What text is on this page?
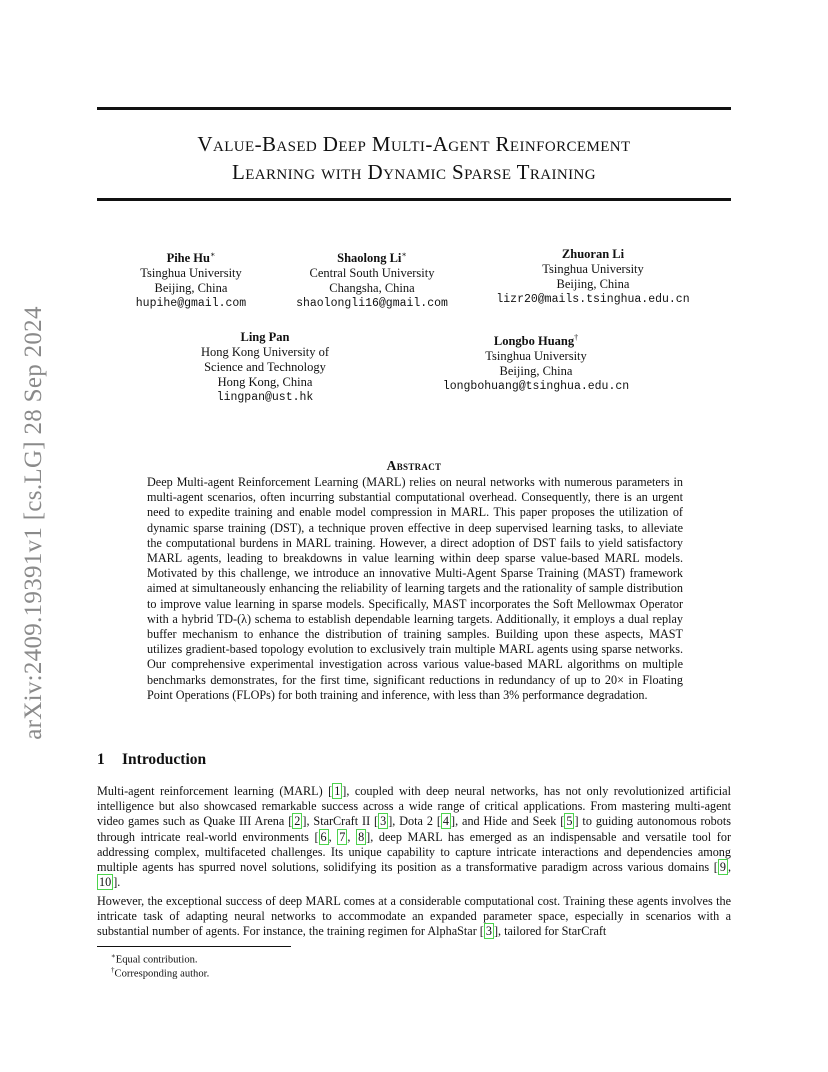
arXiv:2409.19391v1 [cs.LG] 28 Sep 2024
Value-Based Deep Multi-Agent Reinforcement
Learning with Dynamic Sparse Training
Pihe Hu∗
Tsinghua University
Beijing, China
hupihe@gmail.com
Shaolong Li∗
Central South University
Changsha, China
shaolongli16@gmail.com
Zhuoran Li
Tsinghua University
Beijing, China
lizr20@mails.tsinghua.edu.cn
Ling Pan
Hong Kong University of
Science and Technology
Hong Kong, China
lingpan@ust.hk
Longbo Huang†
Tsinghua University
Beijing, China
longbohuang@tsinghua.edu.cn
Abstract

Deep Multi-agent Reinforcement Learning (MARL) relies on neural networks with numerous parameters in multi-agent scenarios, often incurring substantial computational overhead. Consequently, there is an urgent need to expedite training and enable model compression in MARL. This paper proposes the utilization of dynamic sparse training (DST), a technique proven effective in deep supervised learning tasks, to alleviate the computational burdens in MARL training. However, a direct adoption of DST fails to yield satisfactory MARL agents, leading to breakdowns in value learning within deep sparse value-based MARL models. Motivated by this challenge, we introduce an innovative Multi-Agent Sparse Training (MAST) framework aimed at simultaneously enhancing the reliability of learning targets and the rationality of sample distribution to improve value learning in sparse models. Specifically, MAST incorporates the Soft Mellowmax Operator with a hybrid TD-(λ) schema to establish dependable learning targets. Additionally, it employs a dual replay buffer mechanism to enhance the distribution of training samples. Building upon these aspects, MAST utilizes gradient-based topology evolution to exclusively train multiple MARL agents using sparse networks. Our comprehensive experimental investigation across various value-based MARL algorithms on multiple benchmarks demonstrates, for the first time, significant reductions in redundancy of up to 20× in Floating Point Operations (FLOPs) for both training and inference, with less than 3% performance degradation.

1 Introduction

Multi-agent reinforcement learning (MARL) [ 1 ], coupled with deep neural networks, has not only revolutionized artificial intelligence but also showcased remarkable success across a wide range of critical applications. From mastering multi-agent video games such as Quake III Arena [ 2 ], StarCraft II [ 3 ], Dota 2 [ 4 ], and Hide and Seek [ 5 ] to guiding autonomous robots through intricate real-world environments [ 6 , 7 , 8 ], deep MARL has emerged as an indispensable and versatile tool for addressing complex, multifaceted challenges. Its unique capability to capture intricate interactions and dependencies among multiple agents has spurred novel solutions, solidifying its position as a transformative paradigm across various domains [ 9 , 10 ].

However, the exceptional success of deep MARL comes at a considerable computational cost. Training these agents involves the intricate task of adapting neural networks to accommodate an expanded parameter space, especially in scenarios with a substantial number of agents. For instance, the training regimen for AlphaStar [ 3 ], tailored for StarCraft

∗Equal contribution.
†Corresponding author.
